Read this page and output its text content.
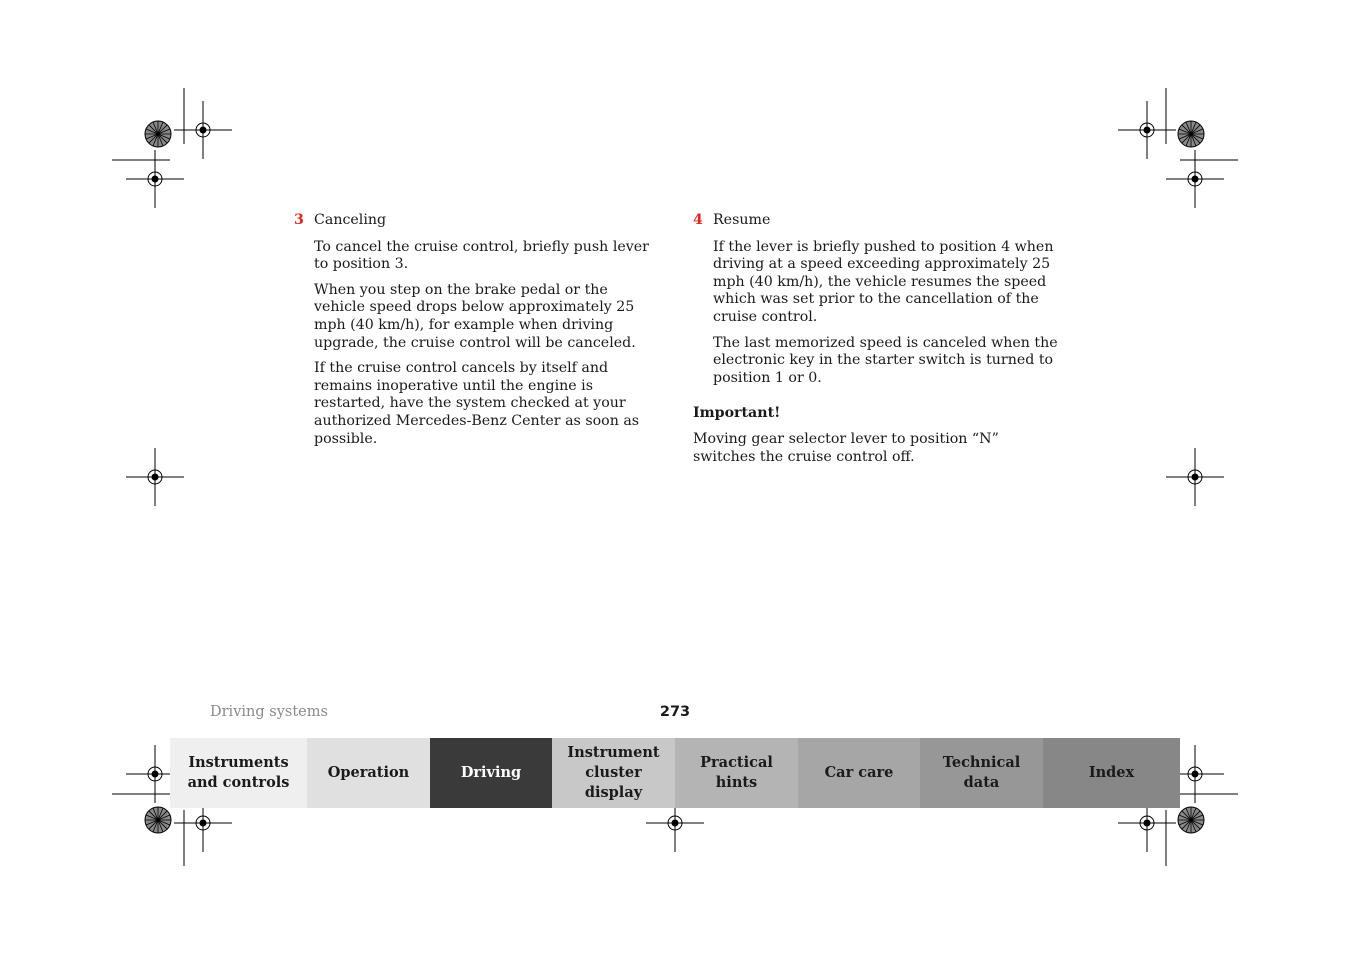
3 Canceling

To cancel the cruise control, briefly push lever to position 3.

When you step on the brake pedal or the vehicle speed drops below approximately 25 mph (40 km/h), for example when driving upgrade, the cruise control will be canceled.

If the cruise control cancels by itself and remains inoperative until the engine is restarted, have the system checked at your authorized Mercedes-Benz Center as soon as possible.

4 Resume

If the lever is briefly pushed to position 4 when driving at a speed exceeding approximately 25 mph (40 km/h), the vehicle resumes the speed which was set prior to the cancellation of the cruise control.

The last memorized speed is canceled when the electronic key in the starter switch is turned to position 1 or 0.

Important!

Moving gear selector lever to position “N” switches the cruise control off.

Driving systems	273
Instruments
and controls
Operation	Driving
Instrument
cluster display
Practical hints
Car care
Technical
data
Index
